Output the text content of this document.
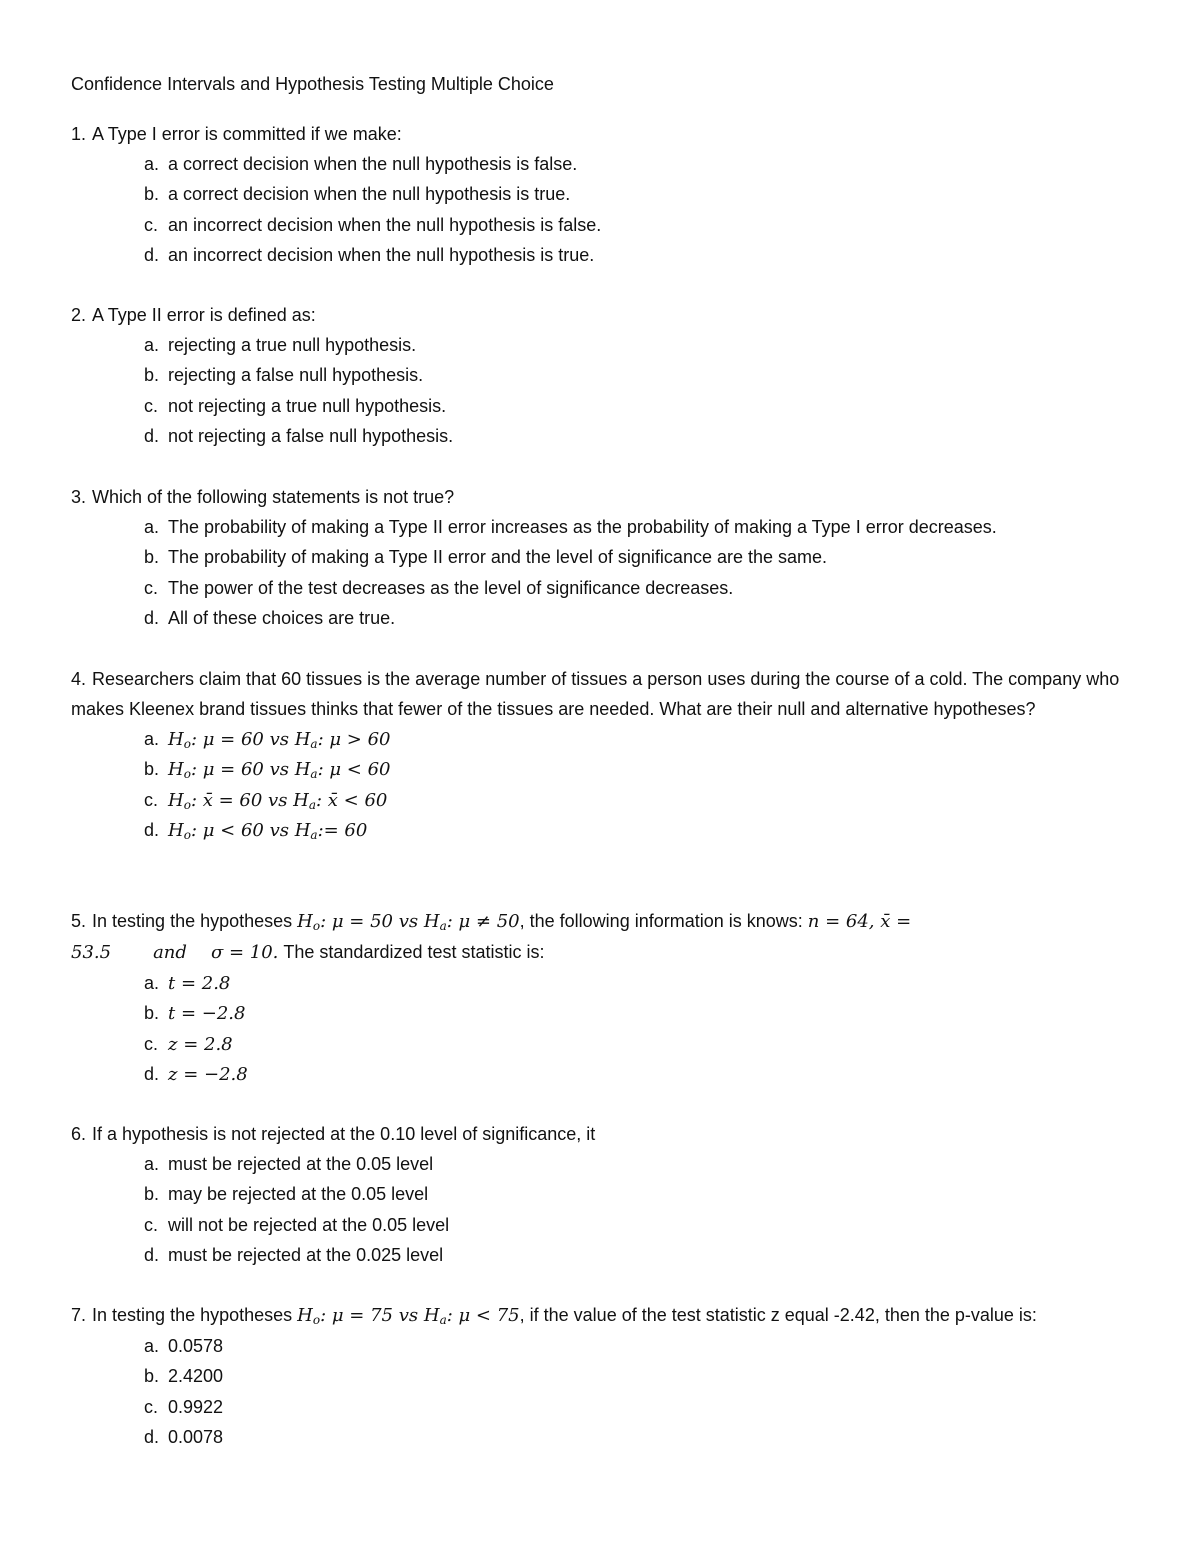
Confidence Intervals and Hypothesis Testing Multiple Choice

1. A Type I error is committed if we make:

a. a correct decision when the null hypothesis is false.
b. a correct decision when the null hypothesis is true.
c. an incorrect decision when the null hypothesis is false.
d. an incorrect decision when the null hypothesis is true.

2. A Type II error is defined as:

a. rejecting a true null hypothesis.
b. rejecting a false null hypothesis.
c. not rejecting a true null hypothesis.
d. not rejecting a false null hypothesis.

3. Which of the following statements is not true?

a. The probability of making a Type II error increases as the probability of making a Type I error decreases.
b. The probability of making a Type II error and the level of significance are the same.
c. The power of the test decreases as the level of significance decreases.
d. All of these choices are true.

4. Researchers claim that 60 tissues is the average number of tissues a person uses during the course of a cold. The company who makes Kleenex brand tissues thinks that fewer of the tissues are needed. What are their null and alternative hypotheses?

a. $H_o$: μ = 60 vs $H_a$: μ > 60
b. $H_o$: μ = 60 vs $H_a$: μ < 60
c. $H_o$: x̄ = 60 vs $H_a$: x̄ < 60
d. $H_o$: μ < 60 vs $H_a:= 60$

5. In testing the hypotheses $H_o$: μ = 50 vs $H_a$: μ ≠ 50, the following information is knows: n = 64, x̄ =
53.5 and σ = 10. The standardized test statistic is:

a. t = 2.8
b. t = −2.8
c. z = 2.8
d. z = −2.8

6. If a hypothesis is not rejected at the 0.10 level of significance, it

a. must be rejected at the 0.05 level
b. may be rejected at the 0.05 level
c. will not be rejected at the 0.05 level
d. must be rejected at the 0.025 level

7. In testing the hypotheses $H_o$: μ = 75 vs $H_a$: μ < 75, if the value of the test statistic z equal -2.42, then the p-value is:

a. 0.0578
b. 2.4200
c. 0.9922
d. 0.0078
